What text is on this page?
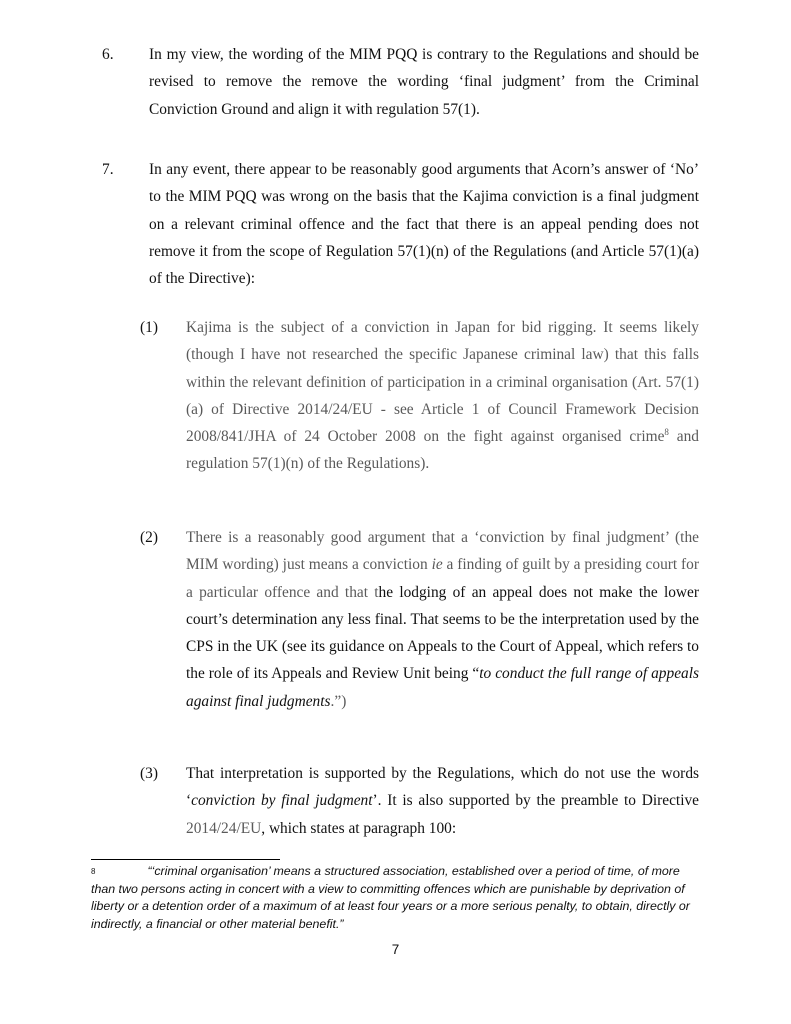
6. In my view, the wording of the MIM PQQ is contrary to the Regulations and should be revised to remove the remove the wording ‘final judgment’ from the Criminal Conviction Ground and align it with regulation 57(1).
7. In any event, there appear to be reasonably good arguments that Acorn’s answer of ‘No’ to the MIM PQQ was wrong on the basis that the Kajima conviction is a final judgment on a relevant criminal offence and the fact that there is an appeal pending does not remove it from the scope of Regulation 57(1)(n) of the Regulations (and Article 57(1)(a) of the Directive):
(1) Kajima is the subject of a conviction in Japan for bid rigging. It seems likely (though I have not researched the specific Japanese criminal law) that this falls within the relevant definition of participation in a criminal organisation (Art. 57(1)(a) of Directive 2014/24/EU - see Article 1 of Council Framework Decision 2008/841/JHA of 24 October 2008 on the fight against organised crime$^8$ and regulation 57(1)(n) of the Regulations).
(2) There is a reasonably good argument that a ‘conviction by final judgment’ (the MIM wording) just means a conviction ie a finding of guilt by a presiding court for a particular offence and that the lodging of an appeal does not make the lower court’s determination any less final. That seems to be the interpretation used by the CPS in the UK (see its guidance on Appeals to the Court of Appeal, which refers to the role of its Appeals and Review Unit being “to conduct the full range of appeals against final judgments.”)
(3) That interpretation is supported by the Regulations, which do not use the words ‘conviction by final judgment’. It is also supported by the preamble to Directive 2014/24/EU, which states at paragraph 100:
$^8$	“‘criminal organisation’ means a structured association, established over a period of time, of more than two persons acting in concert with a view to committing offences which are punishable by deprivation of liberty or a detention order of a maximum of at least four years or a more serious penalty, to obtain, directly or indirectly, a financial or other material benefit.”
7
